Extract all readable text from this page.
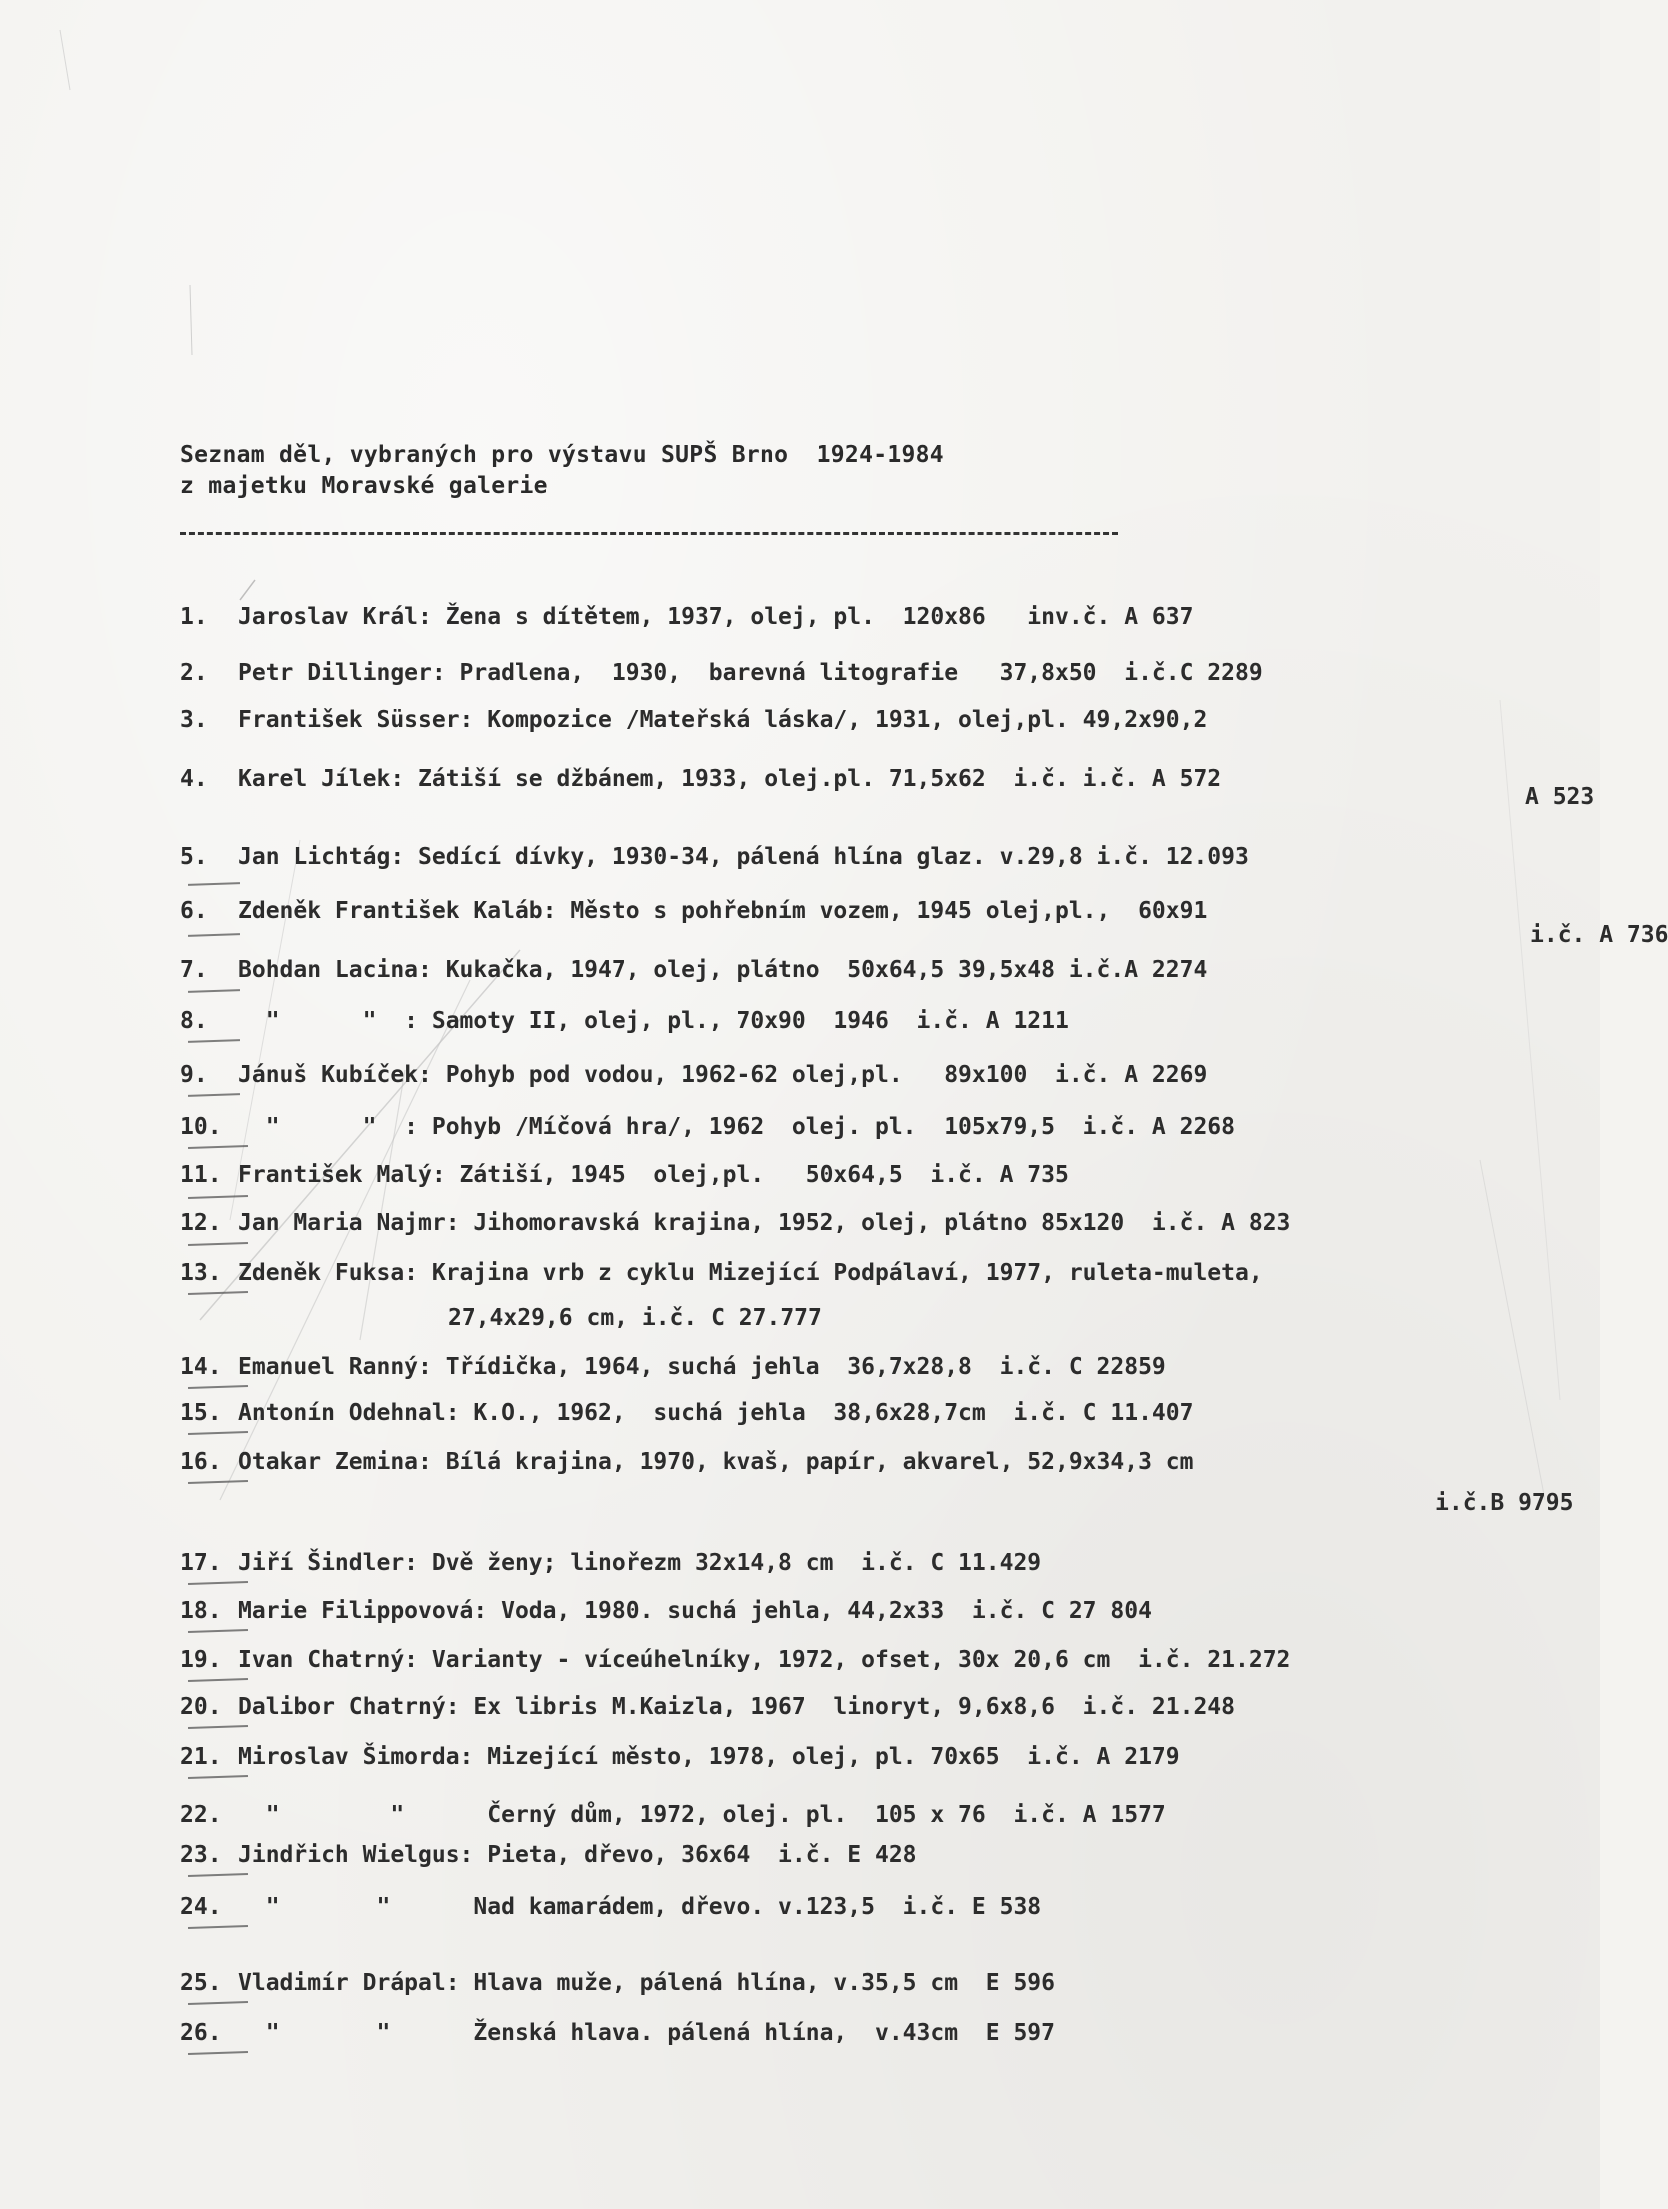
Seznam děl, vybraných pro výstavu SUPŠ Brno  1924-1984
z majetku Moravské galerie
1. Jaroslav Král: Žena s dítětem, 1937, olej, pl.  120x86   inv.č. A 637
2. Petr Dillinger: Pradlena,  1930,  barevná litografie   37,8x50  i.č.C 2289
3. František Süsser: Kompozice /Mateřská láska/, 1931, olej,pl. 49,2x90,2
4. Karel Jílek: Zátiší se džbánem, 1933, olej.pl. 71,5x62  i.č. i.č. A 572
A 523
5. Jan Lichtág: Sedící dívky, 1930-34, pálená hlína glaz. v.29,8 i.č. 12.093
6. Zdeněk František Kaláb: Město s pohřebním vozem, 1945 olej,pl.,  60x91
i.č. A 736
7. Bohdan Lacina: Kukačka, 1947, olej, plátno  50x64,5 39,5x48 i.č.A 2274
8.  "      "  : Samoty II, olej, pl., 70x90  1946  i.č. A 1211
9. Jánuš Kubíček: Pohyb pod vodou, 1962-62 olej,pl.   89x100  i.č. A 2269
10.  "      "  : Pohyb /Míčová hra/, 1962  olej. pl.  105x79,5  i.č. A 2268
11. František Malý: Zátiší, 1945  olej,pl.   50x64,5  i.č. A 735
12. Jan Maria Najmr: Jihomoravská krajina, 1952, olej, plátno 85x120  i.č. A 823
13. Zdeněk Fuksa: Krajina vrb z cyklu Mizející Podpálaví, 1977, ruleta-muleta,
27,4x29,6 cm, i.č. C 27.777
14. Emanuel Ranný: Třídička, 1964, suchá jehla  36,7x28,8  i.č. C 22859
15. Antonín Odehnal: K.O., 1962,  suchá jehla  38,6x28,7cm  i.č. C 11.407
16. Otakar Zemina: Bílá krajina, 1970, kvaš, papír, akvarel, 52,9x34,3 cm
i.č.B 9795
17. Jiří Šindler: Dvě ženy; linořezm 32x14,8 cm  i.č. C 11.429
18. Marie Filippovová: Voda, 1980. suchá jehla, 44,2x33  i.č. C 27 804
19. Ivan Chatrný: Varianty - víceúhelníky, 1972, ofset, 30x 20,6 cm  i.č. 21.272
20. Dalibor Chatrný: Ex libris M.Kaizla, 1967  linoryt, 9,6x8,6  i.č. 21.248
21. Miroslav Šimorda: Mizející město, 1978, olej, pl. 70x65  i.č. A 2179
22.  "        "      Černý dům, 1972, olej. pl.  105 x 76  i.č. A 1577
23. Jindřich Wielgus: Pieta, dřevo, 36x64  i.č. E 428
24.  "       "      Nad kamarádem, dřevo. v.123,5  i.č. E 538
25. Vladimír Drápal: Hlava muže, pálená hlína, v.35,5 cm  E 596
26.  "       "      Ženská hlava. pálená hlína,  v.43cm  E 597
